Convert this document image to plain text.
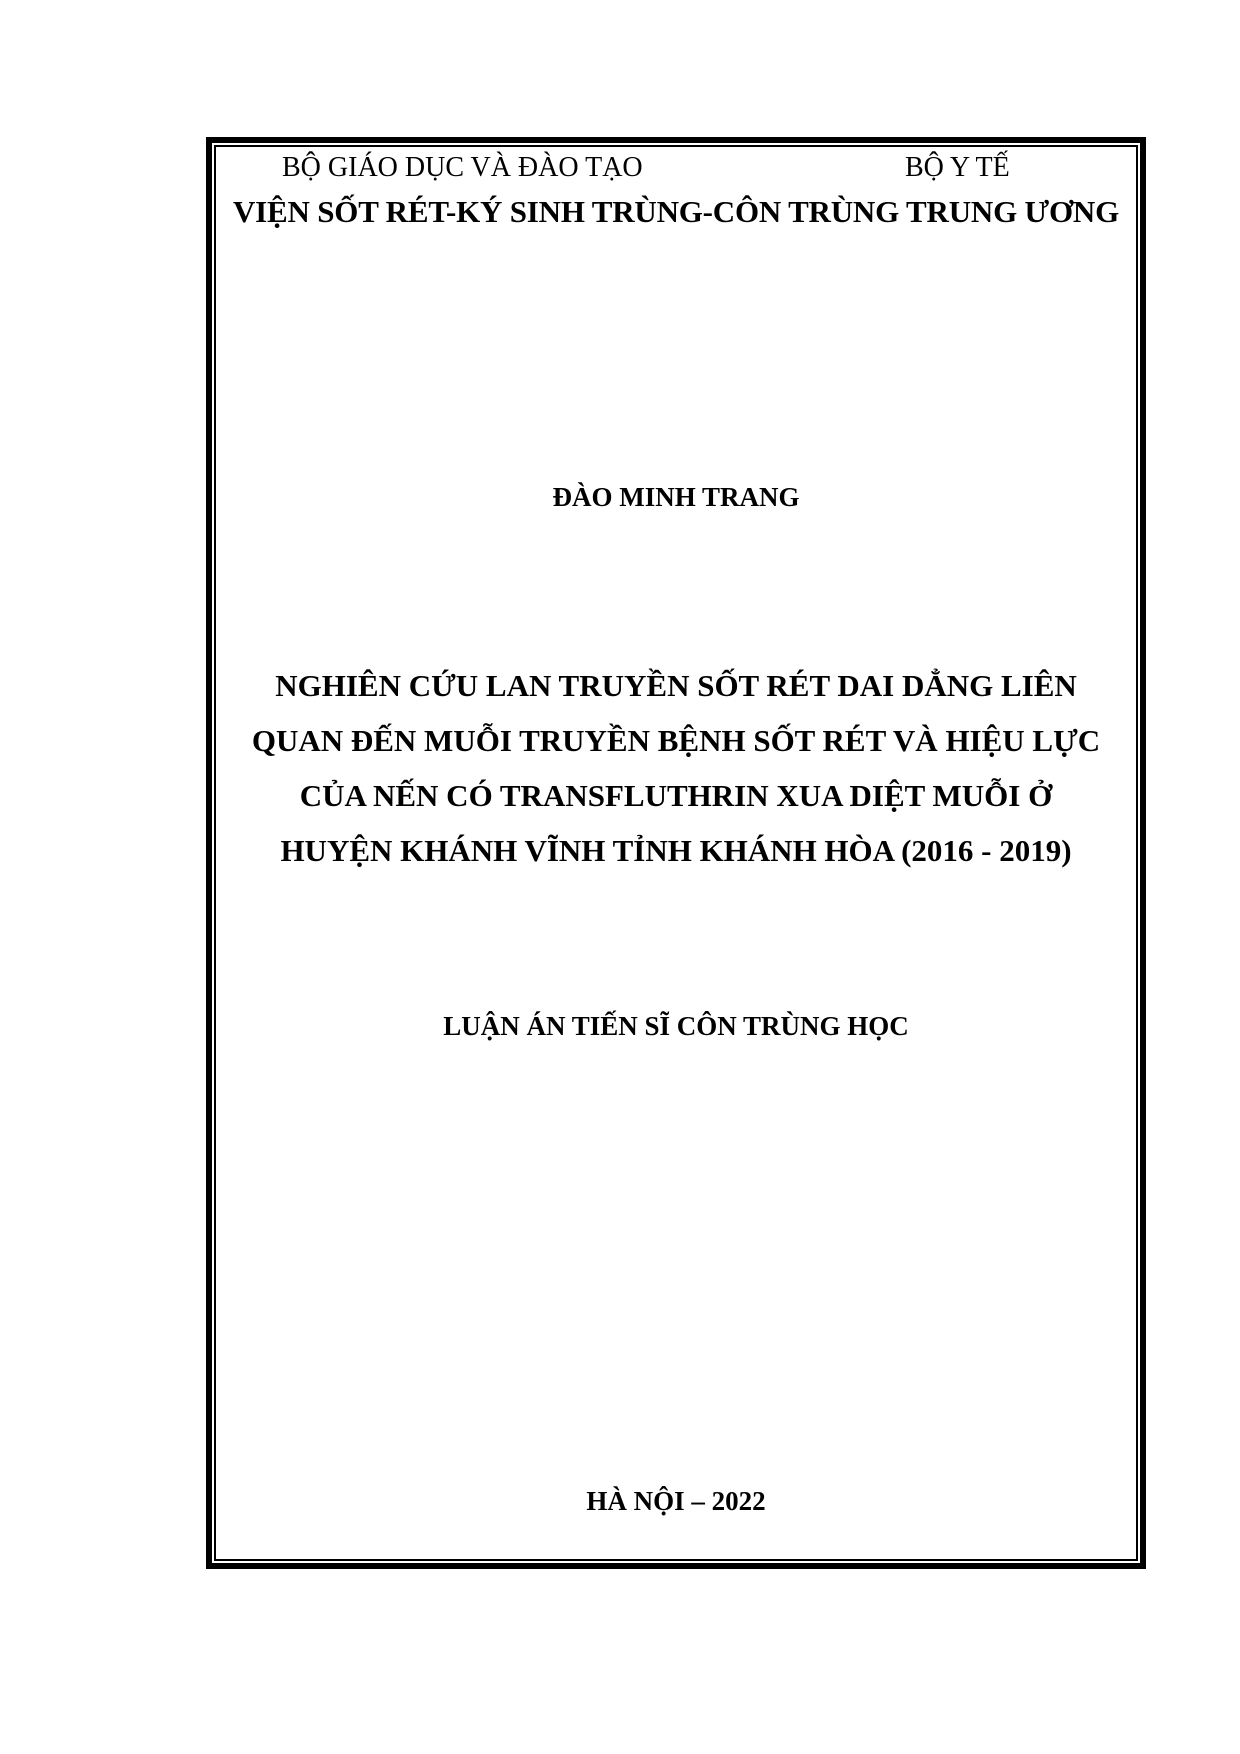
BỘ GIÁO DỤC VÀ ĐÀO TẠO	BỘ Y TẾ
VIỆN SỐT RÉT-KÝ SINH TRÙNG-CÔN TRÙNG TRUNG ƯƠNG
ĐÀO MINH TRANG
NGHIÊN CỨU LAN TRUYỀN SỐT RÉT DAI DẲNG LIÊN
QUAN ĐẾN MUỖI TRUYỀN BỆNH SỐT RÉT VÀ HIỆU LỰC
CỦA NẾN CÓ TRANSFLUTHRIN XUA DIỆT MUỖI Ở
HUYỆN KHÁNH VĨNH TỈNH KHÁNH HÒA (2016 - 2019)
LUẬN ÁN TIẾN SĨ CÔN TRÙNG HỌC
HÀ NỘI – 2022
